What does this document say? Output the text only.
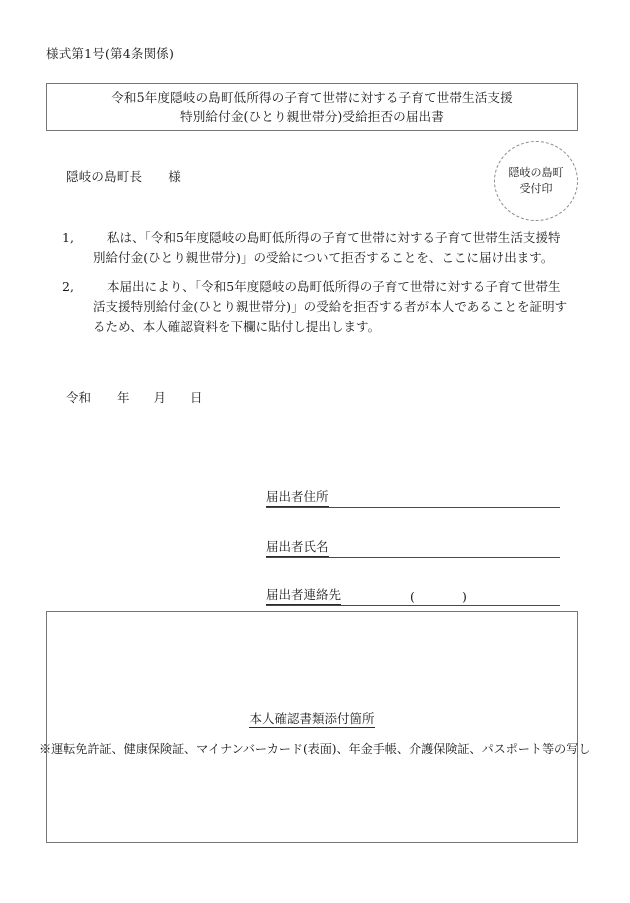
様式第1号(第4条関係)
令和5年度隠岐の島町低所得の子育て世帯に対する子育て世帯生活支援
特別給付金(ひとり親世帯分)受給拒否の届出書
隠岐の島町
受付印
隠岐の島町長 様
1,	私は、「令和5年度隠岐の島町低所得の子育て世帯に対する子育て世帯生活支援特別給付金(ひとり親世帯分)」の受給について拒否することを、ここに届け出ます。
2,	本届出により、「令和5年度隠岐の島町低所得の子育て世帯に対する子育て世帯生活支援特別給付金(ひとり親世帯分)」の受給を拒否する者が本人であることを証明するため、本人確認資料を下欄に貼付し提出します。
令和 年 月 日
届出者住所
届出者氏名
届出者連絡先	(	)
本人確認書類添付箇所
※運転免許証、健康保険証、マイナンバーカード(表面)、年金手帳、介護保険証、パスポート等の写し
